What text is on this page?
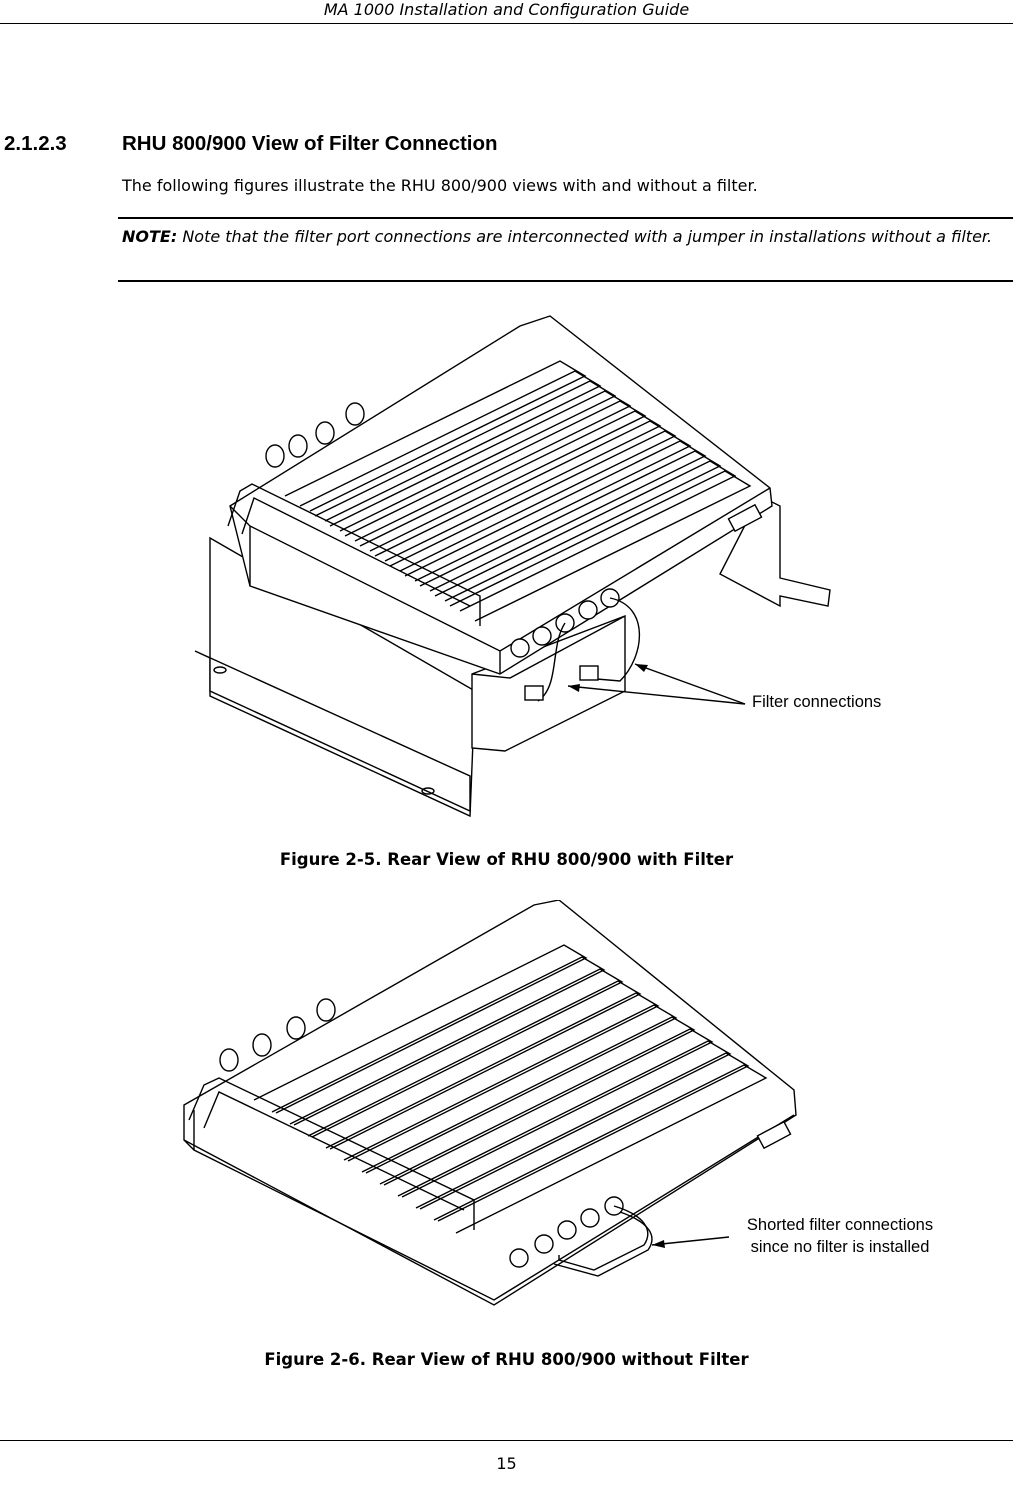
MA 1000 Installation and Configuration Guide
2.1.2.3	RHU 800/900 View of Filter Connection
The following figures illustrate the RHU 800/900 views with and without a filter.
NOTE: Note that the filter port connections are interconnected with a jumper in installations without a filter.
Filter connections
Figure 2-5. Rear View of RHU 800/900 with Filter
Shorted filter connections
since no filter is installed
Figure 2-6. Rear View of RHU 800/900 without Filter
15
